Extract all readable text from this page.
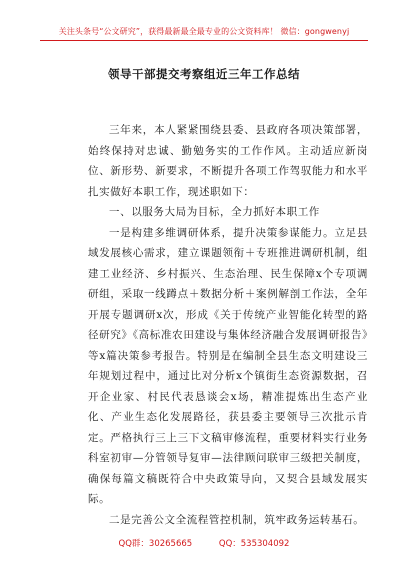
关注头条号“公文研究”，获得最新最全最专业的公文资料库！ 微信：gongwenyj
领导干部提交考察组近三年工作总结

三年来，本人紧紧围绕县委、县政府各项决策部署，始终保持对忠诚、勤勉务实的工作作风。主动适应新岗位、新形势、新要求，不断提升各项工作驾驭能力和水平扎实做好本职工作，现述职如下：

一、以服务大局为目标，全力抓好本职工作

一是构建多维调研体系，提升决策参谋能力。立足县域发展核心需求，建立课题领衔＋专班推进调研机制，组建工业经济、乡村振兴、生态治理、民生保障x个专项调研组，采取一线蹲点＋数据分析＋案例解剖工作法，全年开展专题调研x次，形成《关于传统产业智能化转型的路径研究》《高标准农田建设与集体经济融合发展调研报告》等x篇决策参考报告。特别是在编制全县生态文明建设三年规划过程中，通过比对分析x个镇街生态资源数据，召开企业家、村民代表恳谈会x场，精准提炼出生态产业化、产业生态化发展路径，获县委主要领导三次批示肯定。严格执行三上三下文稿审修流程，重要材料实行业务科室初审—分管领导复审—法律顾问联审三级把关制度，确保每篇文稿既符合中央政策导向，又契合县域发展实际。

二是完善公文全流程管控机制，筑牢政务运转基石。

QQ群：30265665	QQ：535304092
